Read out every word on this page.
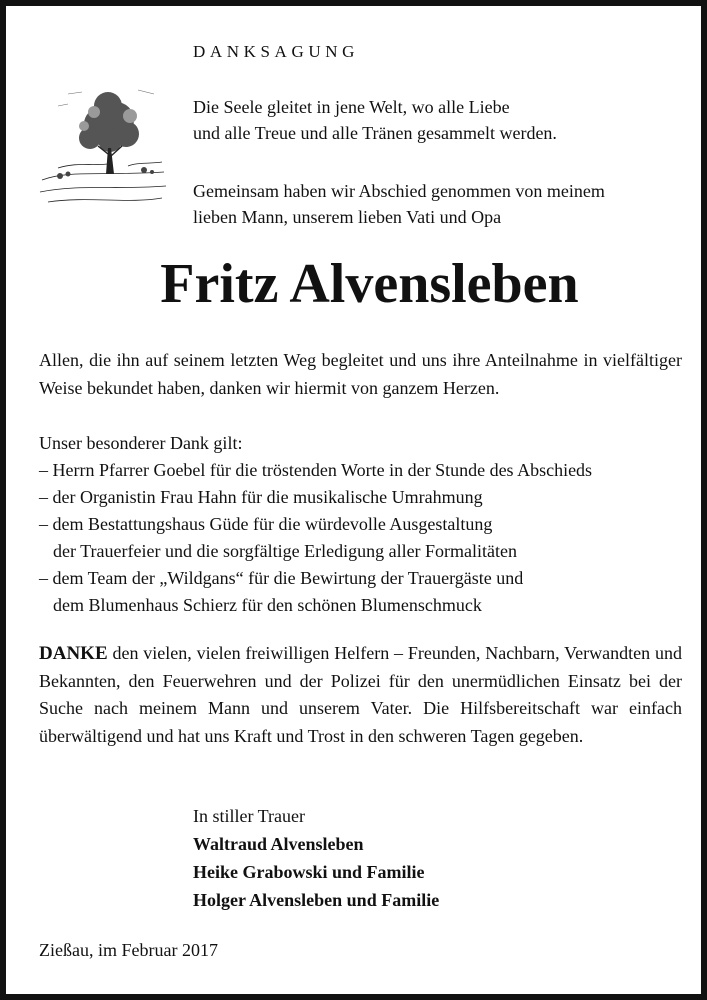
DANKSAGUNG
Die Seele gleitet in jene Welt, wo alle Liebe
und alle Treue und alle Tränen gesammelt werden.
Gemeinsam haben wir Abschied genommen von meinem
lieben Mann, unserem lieben Vati und Opa
Fritz Alvensleben
Allen, die ihn auf seinem letzten Weg begleitet und uns ihre Anteilnahme in vielfältiger Weise bekundet haben, danken wir hiermit von ganzem Herzen.
Unser besonderer Dank gilt:
– Herrn Pfarrer Goebel für die tröstenden Worte in der Stunde des Abschieds
– der Organistin Frau Hahn für die musikalische Umrahmung
– dem Bestattungshaus Güde für die würdevolle Ausgestaltung
der Trauerfeier und die sorgfältige Erledigung aller Formalitäten
– dem Team der „Wildgans“ für die Bewirtung der Trauergäste und
dem Blumenhaus Schierz für den schönen Blumenschmuck
DANKE den vielen, vielen freiwilligen Helfern – Freunden, Nachbarn, Verwandten und Bekannten, den Feuerwehren und der Polizei für den unermüdlichen Einsatz bei der Suche nach meinem Mann und unserem Vater. Die Hilfsbereitschaft war einfach überwältigend und hat uns Kraft und Trost in den schweren Tagen gegeben.
In stiller Trauer
Waltraud Alvensleben
Heike Grabowski und Familie
Holger Alvensleben und Familie
Zießau, im Februar 2017
